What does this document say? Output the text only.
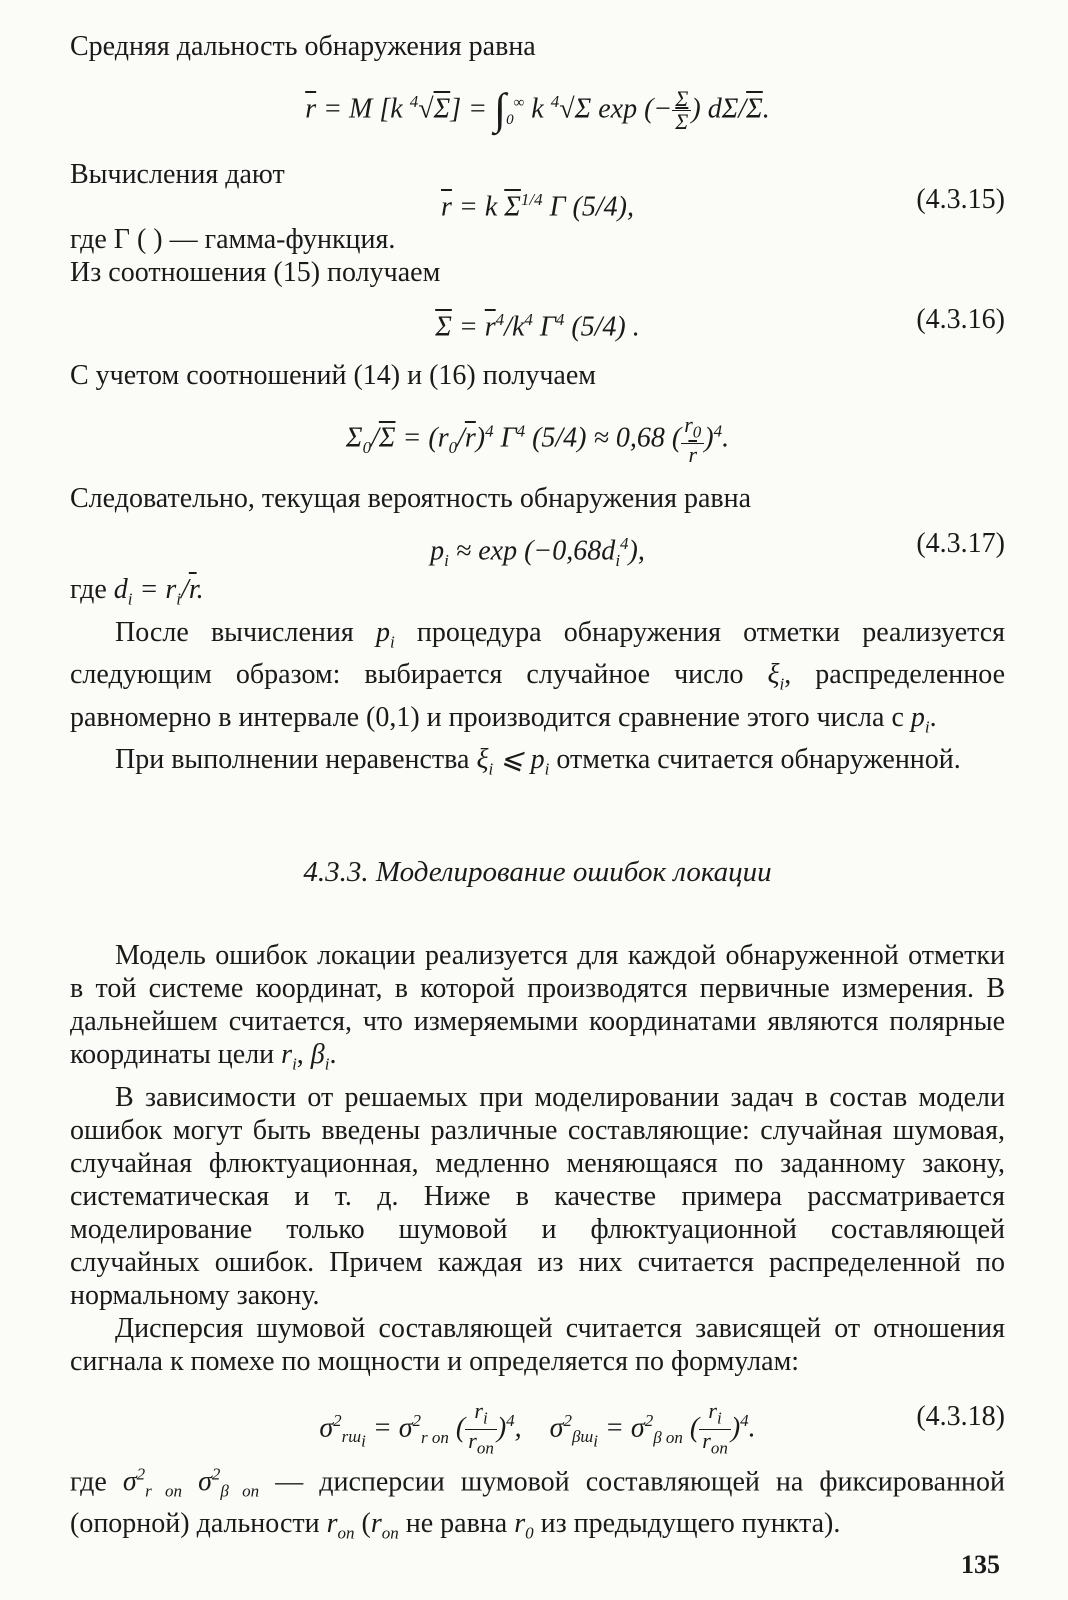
Средняя дальность обнаружения равна

$\overline{r} = M$ [k $^4√\Sigma] = \int_0^\infty$ k $^4$√Σ exp (− $\frac{\Sigma}{\Sigma}$ ) $d\Sigma/\overline{\Sigma}$.

Вычисления дают

$\overline{r} = k$ $\overline{\Sigma}^{1/4}$ Г (5/4),	(4.3.15)

где Г ( ) — гамма-функция.

Из соотношения (15) получаем

$\overline{\Sigma} = \overline{r}^4/k^4$ $Г^4$ (5/4) .	(4.3.16)

С учетом соотношений (14) и (16) получаем

$\Sigma_0/\overline{\Sigma} = (r_0/\overline{r})^4$ $Г^4$ (5/4) ≈ 0,68 ( $\frac{r_0}{r} )^4$.

Следовательно, текущая вероятность обнаружения равна

$p_i \approx \exp (-0,68d_i^4)$,	(4.3.17)

где $d_i = r_i/\overline{r}$.

После вычисления $p_i$ процедура обнаружения отметки реализуется следующим образом: выбирается случайное число $\xi_i$, распределенное равномерно в интервале (0,1) и производится сравнение этого числа с $p_i$.

При выполнении неравенства $\xi_i$ ⩽ $p_i$ отметка считается обнаруженной.

4.3.3. Моделирование ошибок локации

Модель ошибок локации реализуется для каждой обнаруженной отметки в той системе координат, в которой производятся первичные измерения. В дальнейшем считается, что измеряемыми координатами являются полярные координаты цели $r_i$, $\beta_i$.

В зависимости от решаемых при моделировании задач в состав модели ошибок могут быть введены различные составляющие: случайная шумовая, случайная флюктуационная, медленно меняющаяся по заданному закону, систематическая и т. д. Ниже в качестве примера рассматривается моделирование только шумовой и флюктуационной составляющей случайных ошибок. Причем каждая из них считается распределенной по нормальному закону.

Дисперсия шумовой составляющей считается зависящей от отношения сигнала к помехе по мощности и определяется по формулам:

$\sigma^2_{rш_i} = \sigma^2_{r оп}$ ( $\frac{r_i}{r_{оп}} )^4$,    $\sigma^2_{\beta ш_i} = \sigma^2_{\beta оп}$ ( $\frac{r_i}{r_{оп}} )^4$.	(4.3.18)

где $\sigma^2_{r оп}$ $\sigma^2_{\beta оп}$ — дисперсии шумовой составляющей на фиксированной (опорной) дальности $r_{оп}$ ($r_{оп}$ не равна $r_0$ из предыдущего пункта).

135
